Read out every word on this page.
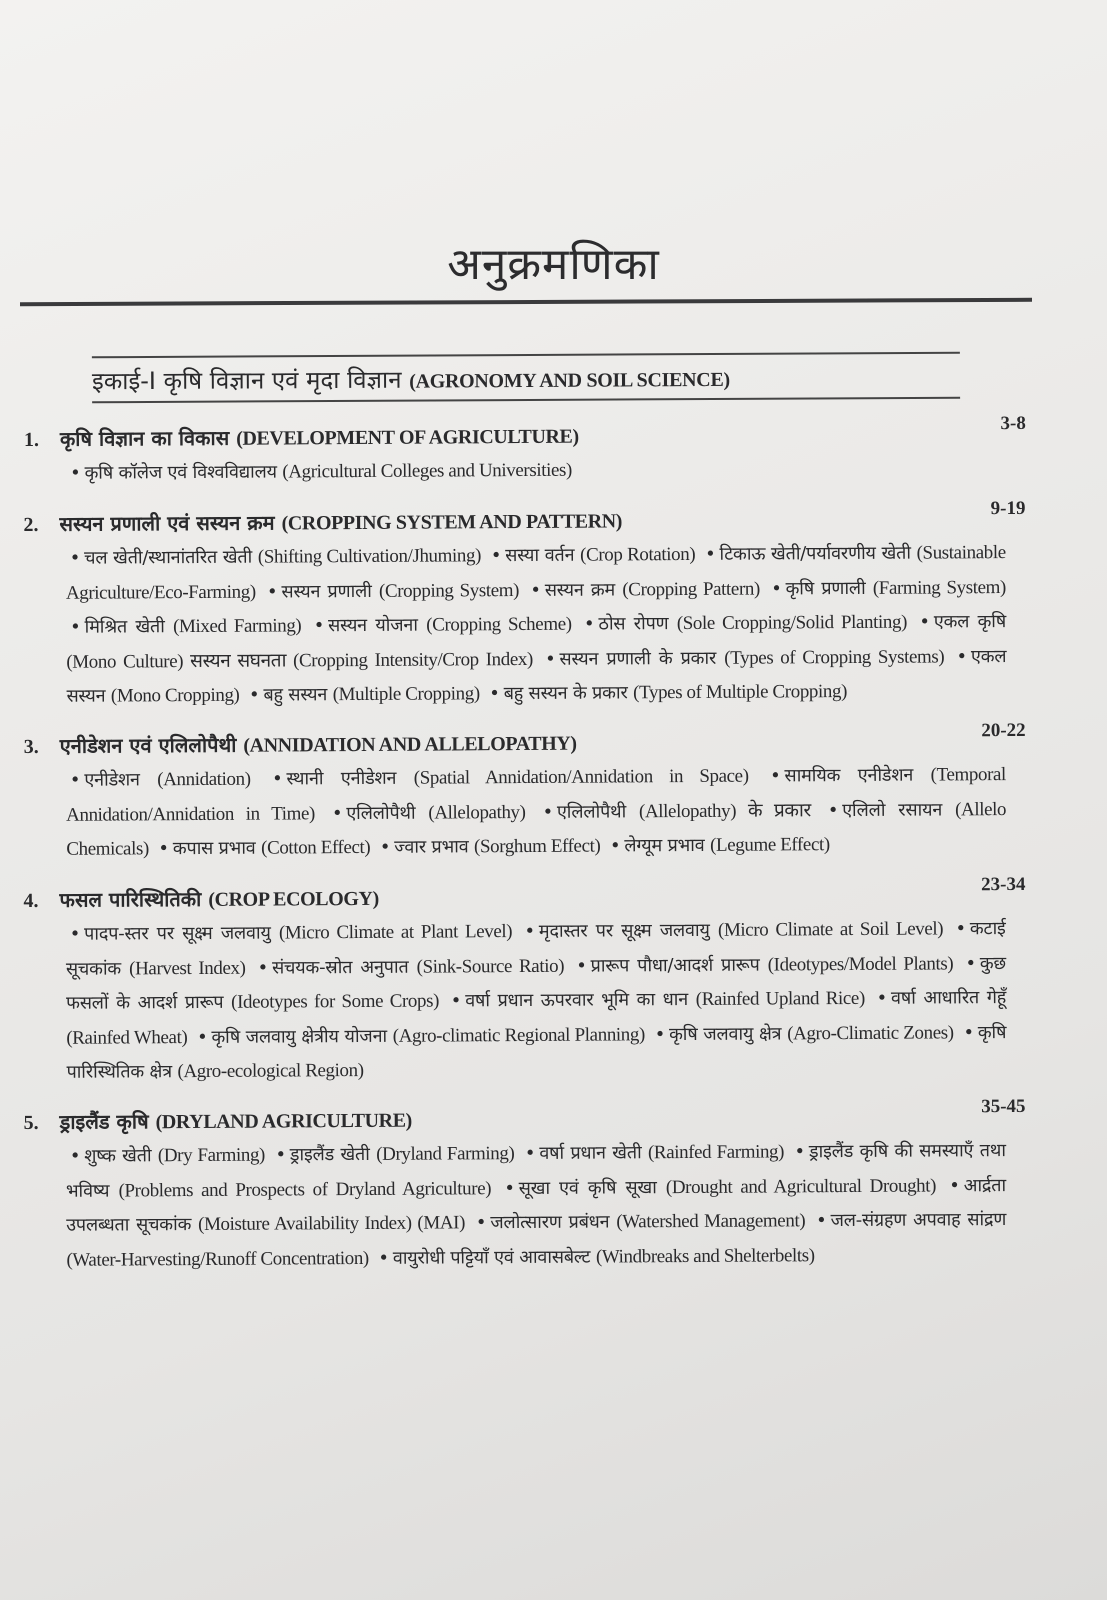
अनुक्रमणिका
इकाई-I कृषि विज्ञान एवं मृदा विज्ञान (AGRONOMY AND SOIL SCIENCE)
1. कृषि विज्ञान का विकास (DEVELOPMENT OF AGRICULTURE)
3-8
• कृषि कॉलेज एवं विश्वविद्यालय (Agricultural Colleges and Universities)
2. सस्यन प्रणाली एवं सस्यन क्रम (CROPPING SYSTEM AND PATTERN)
9-19
• चल खेती/स्थानांतरित खेती (Shifting Cultivation/Jhuming) • सस्या वर्तन (Crop Rotation) • टिकाऊ खेती/पर्यावरणीय खेती (Sustainable Agriculture/Eco-Farming) • सस्यन प्रणाली (Cropping System) • सस्यन क्रम (Cropping Pattern) • कृषि प्रणाली (Farming System) • मिश्रित खेती (Mixed Farming) • सस्यन योजना (Cropping Scheme) • ठोस रोपण (Sole Cropping/Solid Planting) • एकल कृषि (Mono Culture) सस्यन सघनता (Cropping Intensity/Crop Index) • सस्यन प्रणाली के प्रकार (Types of Cropping Systems) • एकल सस्यन (Mono Cropping) • बहु सस्यन (Multiple Cropping) • बहु सस्यन के प्रकार (Types of Multiple Cropping)
3. एनीडेशन एवं एलिलोपैथी (ANNIDATION AND ALLELOPATHY)
20-22
• एनीडेशन (Annidation) • स्थानी एनीडेशन (Spatial Annidation/Annidation in Space) • सामयिक एनीडेशन (Temporal Annidation/Annidation in Time) • एलिलोपैथी (Allelopathy) • एलिलोपैथी (Allelopathy) के प्रकार • एलिलो रसायन (Allelo Chemicals) • कपास प्रभाव (Cotton Effect) • ज्वार प्रभाव (Sorghum Effect) • लेग्यूम प्रभाव (Legume Effect)
4. फसल पारिस्थितिकी (CROP ECOLOGY)
23-34
• पादप-स्तर पर सूक्ष्म जलवायु (Micro Climate at Plant Level) • मृदास्तर पर सूक्ष्म जलवायु (Micro Climate at Soil Level) • कटाई सूचकांक (Harvest Index) • संचयक-स्रोत अनुपात (Sink-Source Ratio) • प्रारूप पौधा/आदर्श प्रारूप (Ideotypes/Model Plants) • कुछ फसलों के आदर्श प्रारूप (Ideotypes for Some Crops) • वर्षा प्रधान ऊपरवार भूमि का धान (Rainfed Upland Rice) • वर्षा आधारित गेहूँ (Rainfed Wheat) • कृषि जलवायु क्षेत्रीय योजना (Agro-climatic Regional Planning) • कृषि जलवायु क्षेत्र (Agro-Climatic Zones) • कृषि पारिस्थितिक क्षेत्र (Agro-ecological Region)
5. ड्राइलैंड कृषि (DRYLAND AGRICULTURE)
35-45
• शुष्क खेती (Dry Farming) • ड्राइलैंड खेती (Dryland Farming) • वर्षा प्रधान खेती (Rainfed Farming) • ड्राइलैंड कृषि की समस्याएँ तथा भविष्य (Problems and Prospects of Dryland Agriculture) • सूखा एवं कृषि सूखा (Drought and Agricultural Drought) • आर्द्रता उपलब्धता सूचकांक (Moisture Availability Index) (MAI) • जलोत्सारण प्रबंधन (Watershed Management) • जल-संग्रहण अपवाह सांद्रण (Water-Harvesting/Runoff Concentration) • वायुरोधी पट्टियाँ एवं आवासबेल्ट (Windbreaks and Shelterbelts)
